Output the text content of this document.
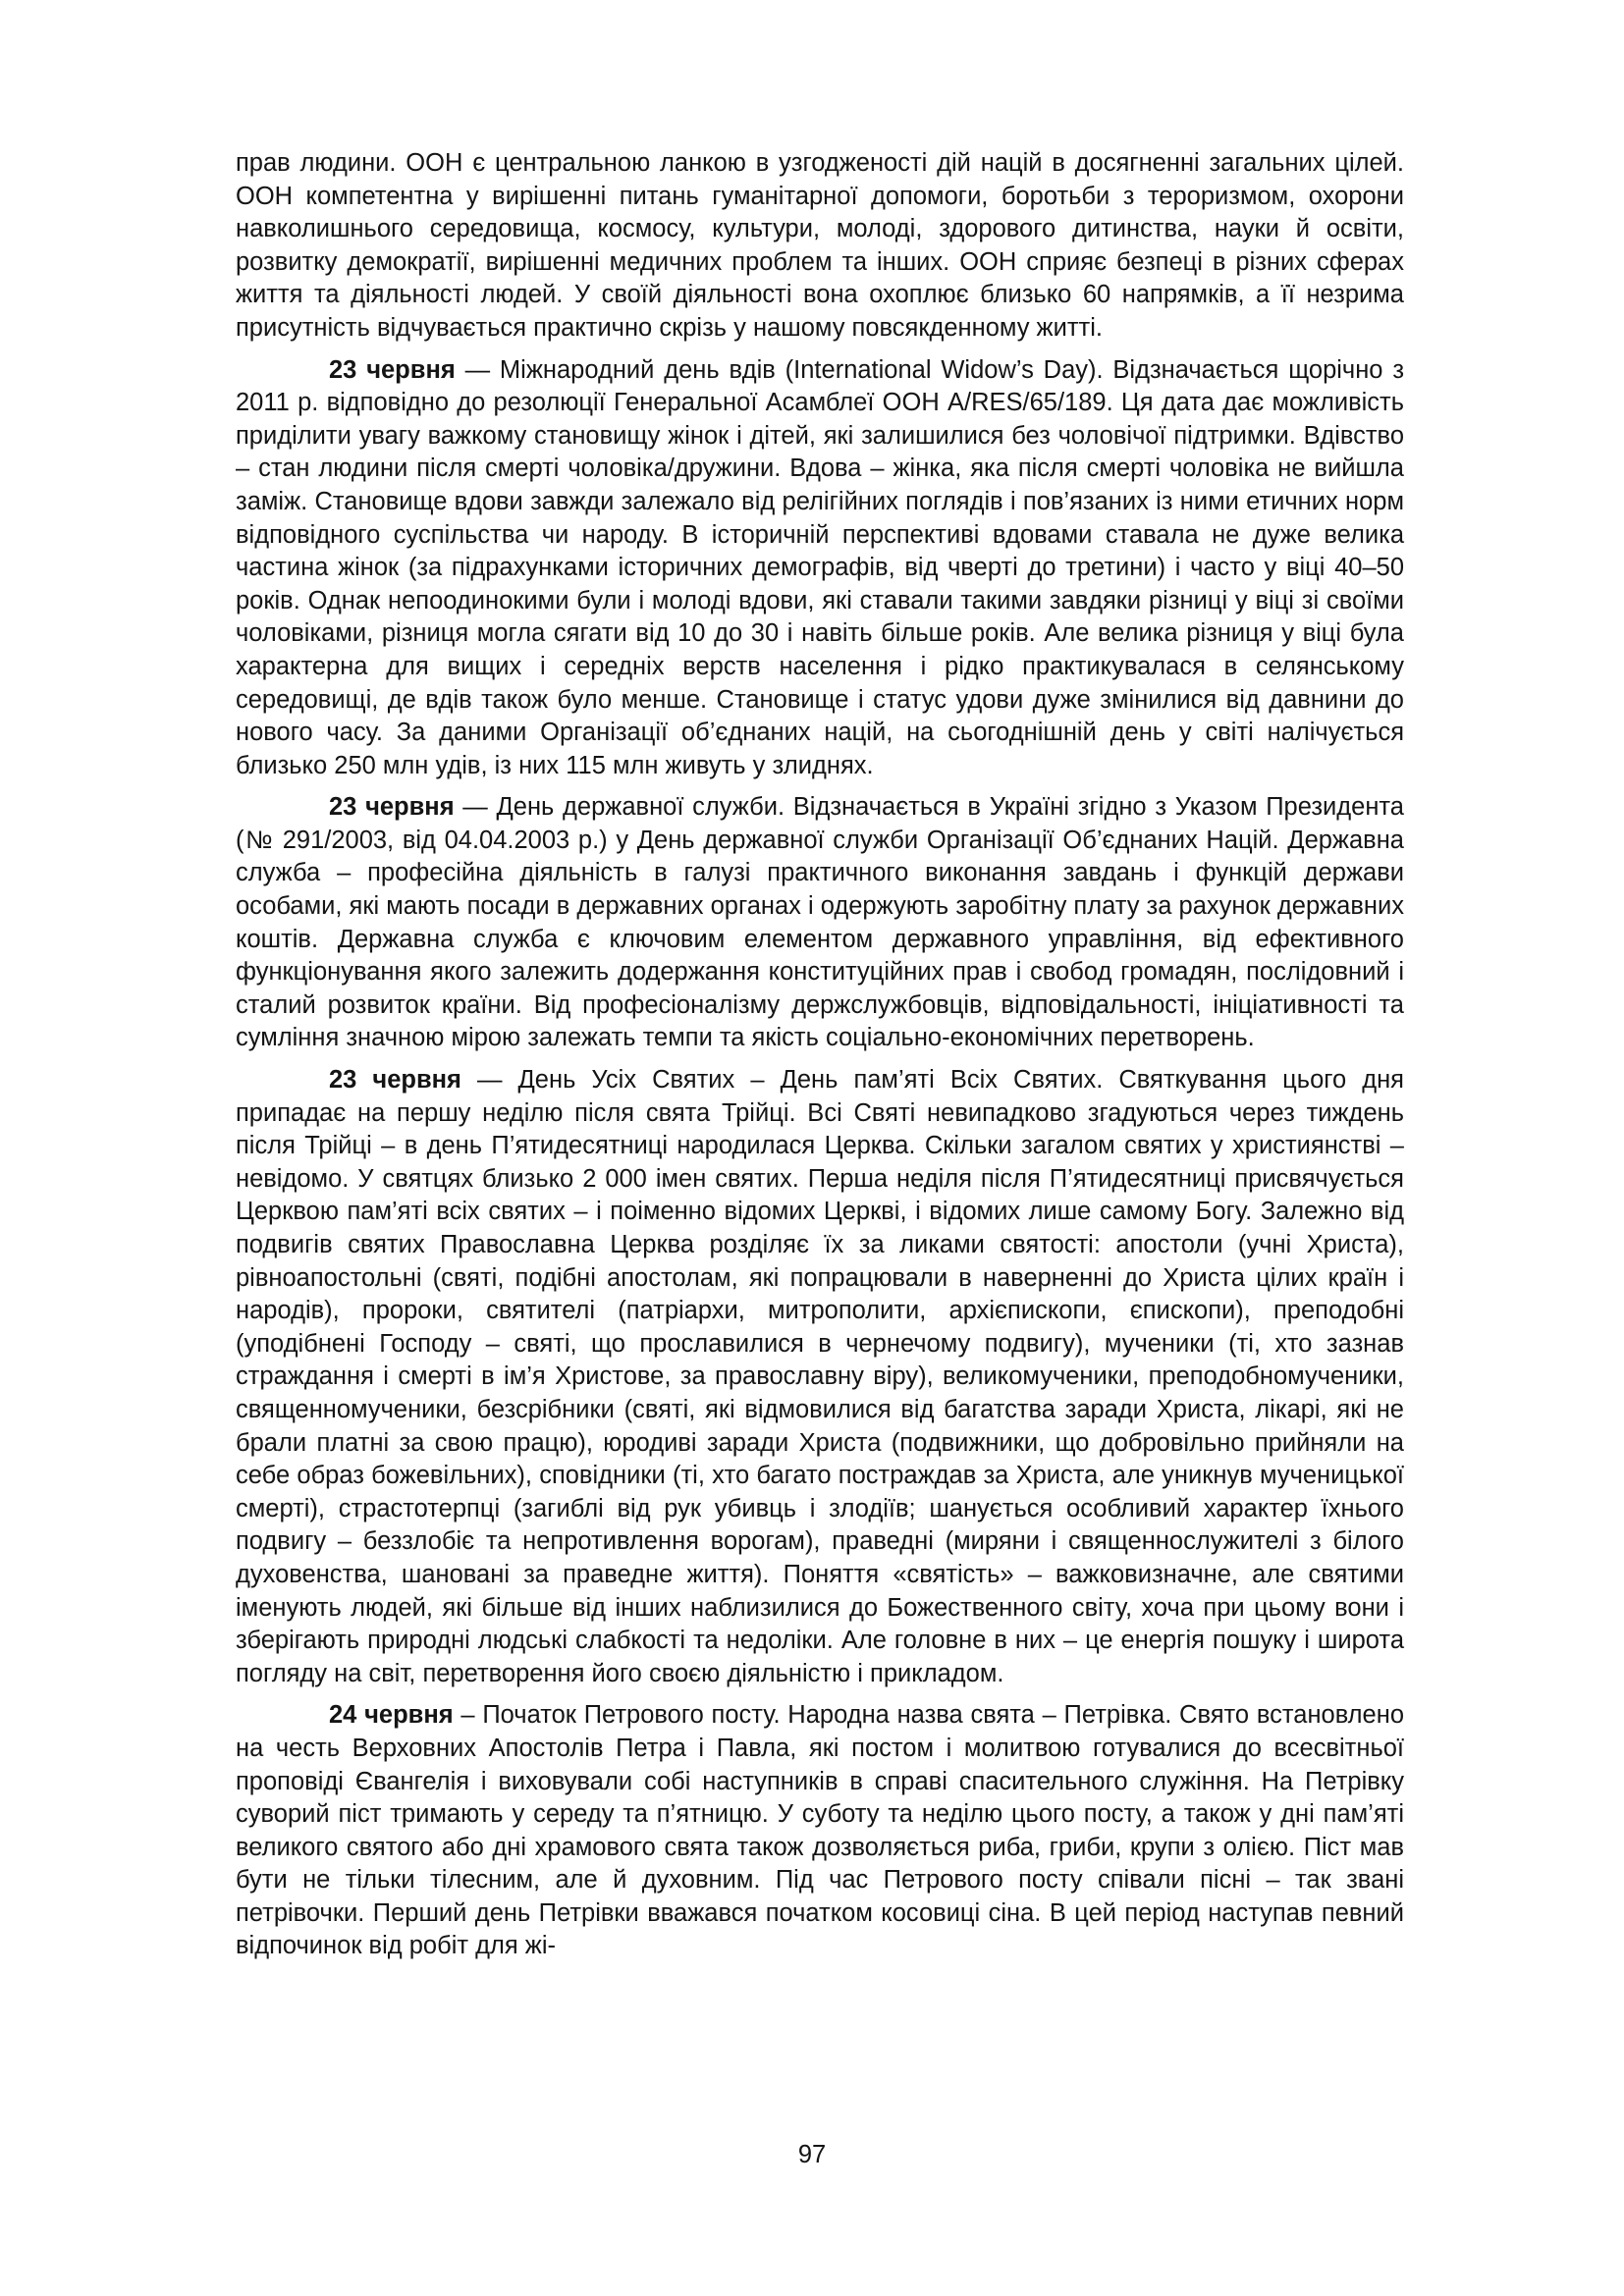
прав людини. ООН є центральною ланкою в узгодженості дій націй в досягненні загальних цілей. ООН компетентна у вирішенні питань гуманітарної допомоги, боротьби з тероризмом, охорони навколишнього середовища, космосу, культури, молоді, здорового дитинства, науки й освіти, розвитку демократії, вирішенні медичних проблем та інших. ООН сприяє безпеці в різних сферах життя та діяльності людей. У своїй діяльності вона охоплює близько 60 напрямків, а її незрима присутність відчувається практично скрізь у нашому повсякденному житті.

23 червня — Міжнародний день вдів (International Widow’s Day). Відзначається щорічно з 2011 р. відповідно до резолюції Генеральної Асамблеї ООН A/RES/65/189. Ця дата дає можливість приділити увагу важкому становищу жінок і дітей, які залишилися без чоловічої підтримки. Вдівство – стан людини після смерті чоловіка/дружини. Вдова – жінка, яка після смерті чоловіка не вийшла заміж. Становище вдови завжди залежало від релігійних поглядів і пов’язаних із ними етичних норм відповідного суспільства чи народу. В історичній перспективі вдовами ставала не дуже велика частина жінок (за підрахунками історичних демографів, від чверті до третини) і часто у віці 40–50 років. Однак непоодинокими були і молоді вдови, які ставали такими завдяки різниці у віці зі своїми чоловіками, різниця могла сягати від 10 до 30 і навіть більше років. Але велика різниця у віці була характерна для вищих і середніх верств населення і рідко практикувалася в селянському середовищі, де вдів також було менше. Становище і статус удови дуже змінилися від давнини до нового часу. За даними Організації об’єднаних націй, на сьогоднішній день у світі налічується близько 250 млн удів, із них 115 млн живуть у злиднях.

23 червня — День державної служби. Відзначається в Україні згідно з Указом Президента (№ 291/2003, від 04.04.2003 р.) у День державної служби Організації Об’єднаних Націй. Державна служба – професійна діяльність в галузі практичного виконання завдань і функцій держави особами, які мають посади в державних органах і одержують заробітну плату за рахунок державних коштів. Державна служба є ключовим елементом державного управління, від ефективного функціонування якого залежить додержання конституційних прав і свобод громадян, послідовний і сталий розвиток країни. Від професіоналізму держслужбовців, відповідальності, ініціативності та сумління значною мірою залежать темпи та якість соціально-економічних перетворень.

23 червня — День Усіх Святих – День пам’яті Всіх Святих. Святкування цього дня припадає на першу неділю після свята Трійці. Всі Святі невипадково згадуються через тиждень після Трійці – в день П’ятидесятниці народилася Церква. Скільки загалом святих у християнстві – невідомо. У святцях близько 2 000 імен святих. Перша неділя після П’ятидесятниці присвячується Церквою пам’яті всіх святих – і поіменно відомих Церкві, і відомих лише самому Богу. Залежно від подвигів святих Православна Церква розділяє їх за ликами святості: апостоли (учні Христа), рівноапостольні (святі, подібні апостолам, які попрацювали в наверненні до Христа цілих країн і народів), пророки, святителі (патріархи, митрополити, архієпископи, єпископи), преподобні (уподібнені Господу – святі, що прославилися в чернечому подвигу), мученики (ті, хто зазнав страждання і смерті в ім’я Христове, за православну віру), великомученики, преподобномученики, священномученики, безсрібники (святі, які відмовилися від багатства заради Христа, лікарі, які не брали платні за свою працю), юродиві заради Христа (подвижники, що добровільно прийняли на себе образ божевільних), сповідники (ті, хто багато постраждав за Христа, але уникнув мученицької смерті), страстотерпці (загиблі від рук убивць і злодіїв; шанується особливий характер їхнього подвигу – беззлобіє та непротивлення ворогам), праведні (миряни і священнослужителі з білого духовенства, шановані за праведне життя). Поняття «святість» – важковизначне, але святими іменують людей, які більше від інших наблизилися до Божественного світу, хоча при цьому вони і зберігають природні людські слабкості та недоліки. Але головне в них – це енергія пошуку і широта погляду на світ, перетворення його своєю діяльністю і прикладом.

24 червня – Початок Петрового посту. Народна назва свята – Петрівка. Свято встановлено на честь Верховних Апостолів Петра і Павла, які постом і молитвою готувалися до всесвітньої проповіді Євангелія і виховували собі наступників в справі спасительного служіння. На Петрівку суворий піст тримають у середу та п’ятницю. У суботу та неділю цього посту, а також у дні пам’яті великого святого або дні храмового свята також дозволяється риба, гриби, крупи з олією. Піст мав бути не тільки тілесним, але й духовним. Під час Петрового посту співали пісні – так звані петрівочки. Перший день Петрівки вважався початком косовиці сіна. В цей період наступав певний відпочинок від робіт для жі-

97
